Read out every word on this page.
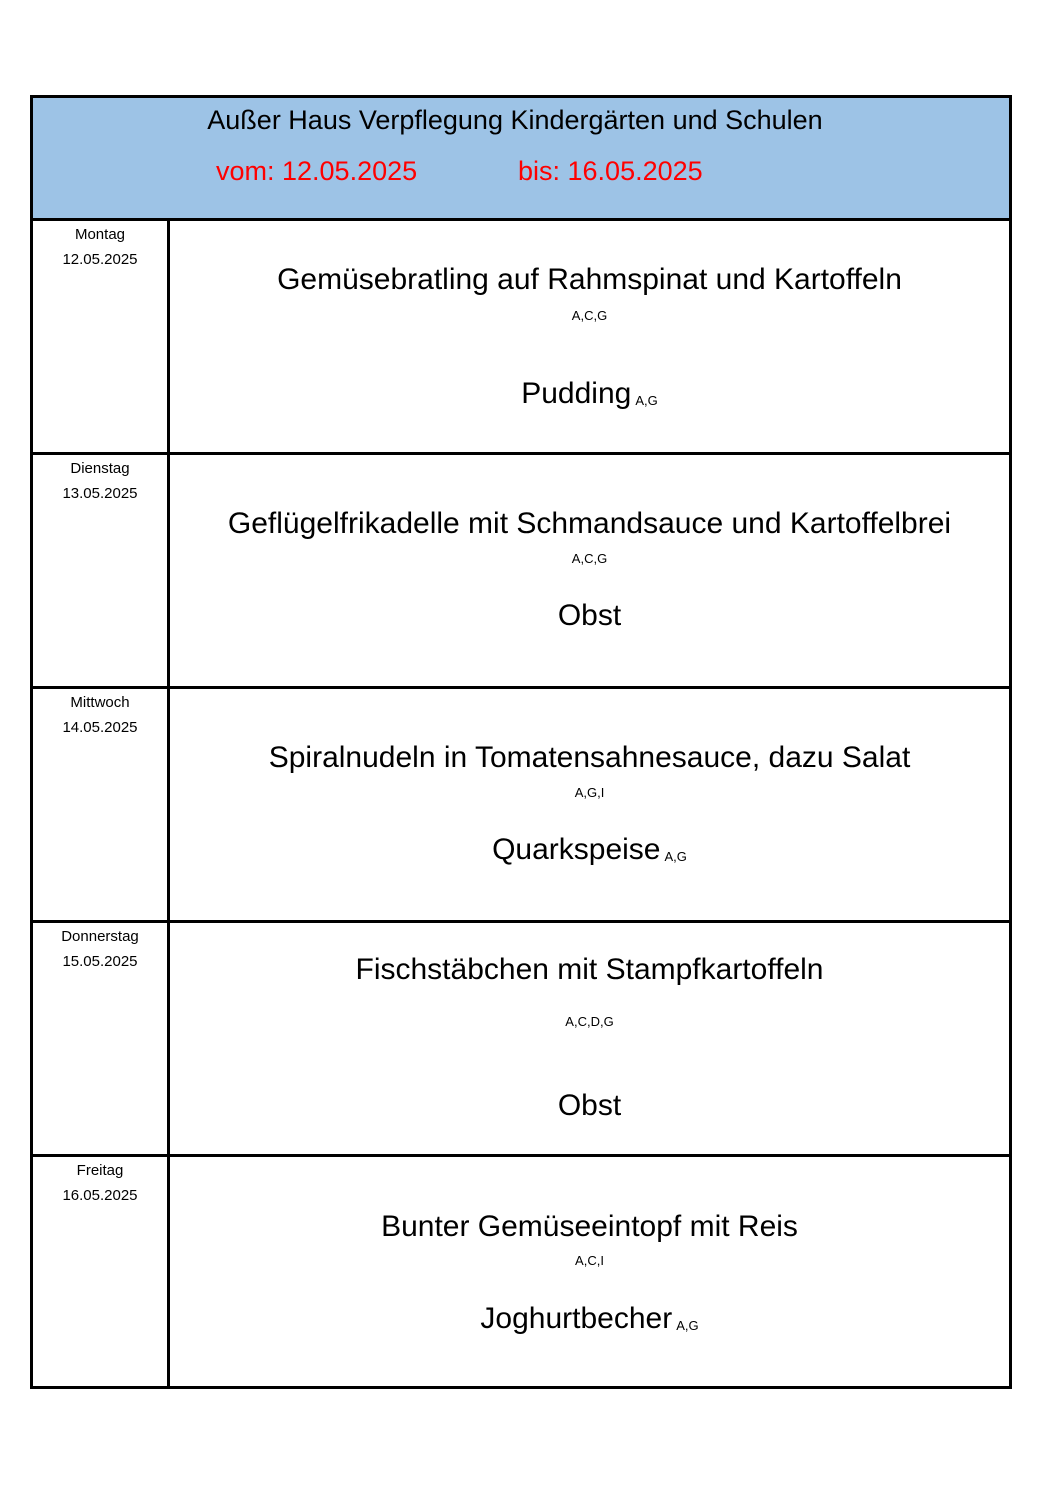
Außer Haus Verpflegung Kindergärten und Schulen
vom: 12.05.2025	bis: 16.05.2025
Montag
12.05.2025
Gemüsebratling auf Rahmspinat und Kartoffeln
A,C,G
Pudding A,G
Dienstag
13.05.2025
Geflügelfrikadelle mit Schmandsauce und Kartoffelbrei
A,C,G
Obst
Mittwoch
14.05.2025
Spiralnudeln in Tomatensahnesauce, dazu Salat
A,G,I
Quarkspeise A,G
Donnerstag
15.05.2025	Fischstäbchen mit Stampfkartoffeln
A,C,D,G
Obst
Freitag
16.05.2025
Bunter Gemüseeintopf mit Reis
A,C,I
Joghurtbecher A,G
